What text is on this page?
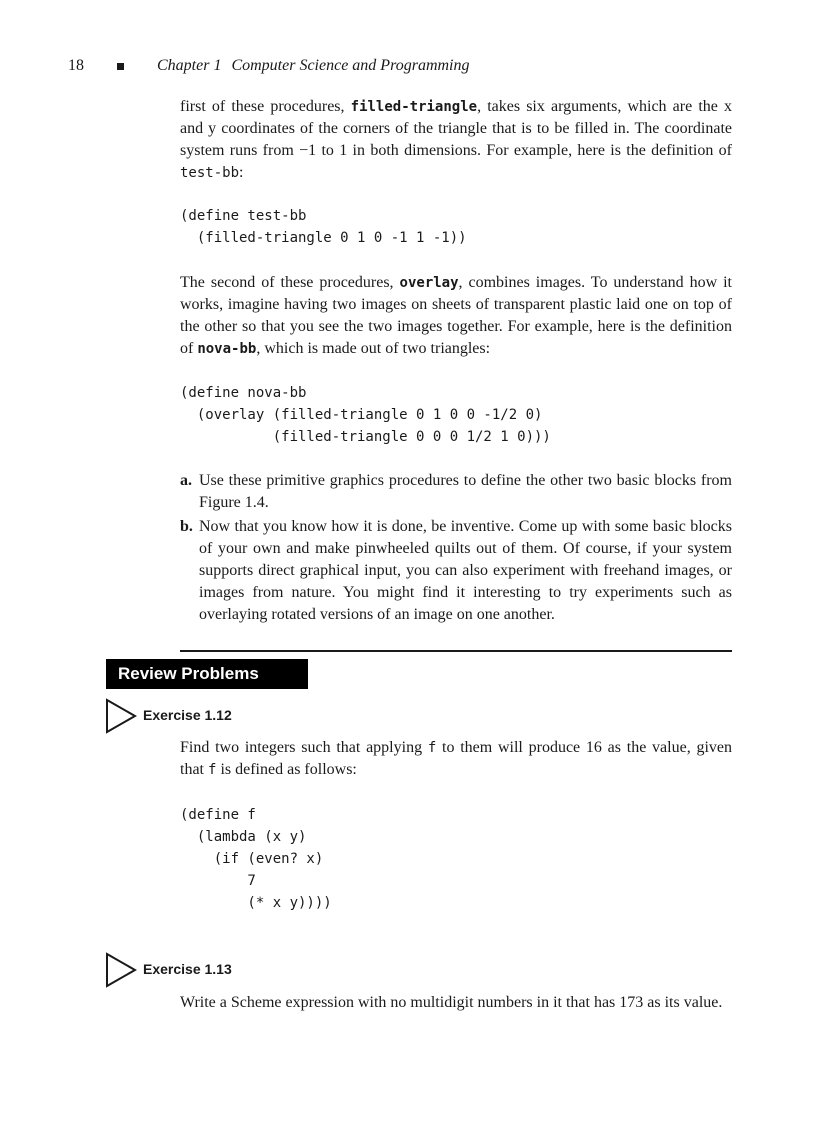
18	Chapter 1 Computer Science and Programming

first of these procedures, filled-triangle, takes six arguments, which are the x and y coordinates of the corners of the triangle that is to be filled in. The coordinate system runs from −1 to 1 in both dimensions. For example, here is the definition of test-bb:

(define test-bb
(filled-triangle 0 1 0 -1 1 -1))

The second of these procedures, overlay, combines images. To understand how it works, imagine having two images on sheets of transparent plastic laid one on top of the other so that you see the two images together. For example, here is the definition of nova-bb, which is made out of two triangles:

(define nova-bb
(overlay (filled-triangle 0 1 0 0 -1/2 0)
(filled-triangle 0 0 0 1/2 1 0)))
a. Use these primitive graphics procedures to define the other two basic blocks from Figure 1.4.
b. Now that you know how it is done, be inventive. Come up with some basic blocks of your own and make pinwheeled quilts out of them. Of course, if your system supports direct graphical input, you can also experiment with freehand images, or images from nature. You might find it interesting to try experiments such as overlaying rotated versions of an image on one another.
Review Problems
Exercise 1.12

Find two integers such that applying f to them will produce 16 as the value, given that f is defined as follows:

(define f
(lambda (x y)
(if (even? x)
7
(* x y))))
Exercise 1.13

Write a Scheme expression with no multidigit numbers in it that has 173 as its value.
